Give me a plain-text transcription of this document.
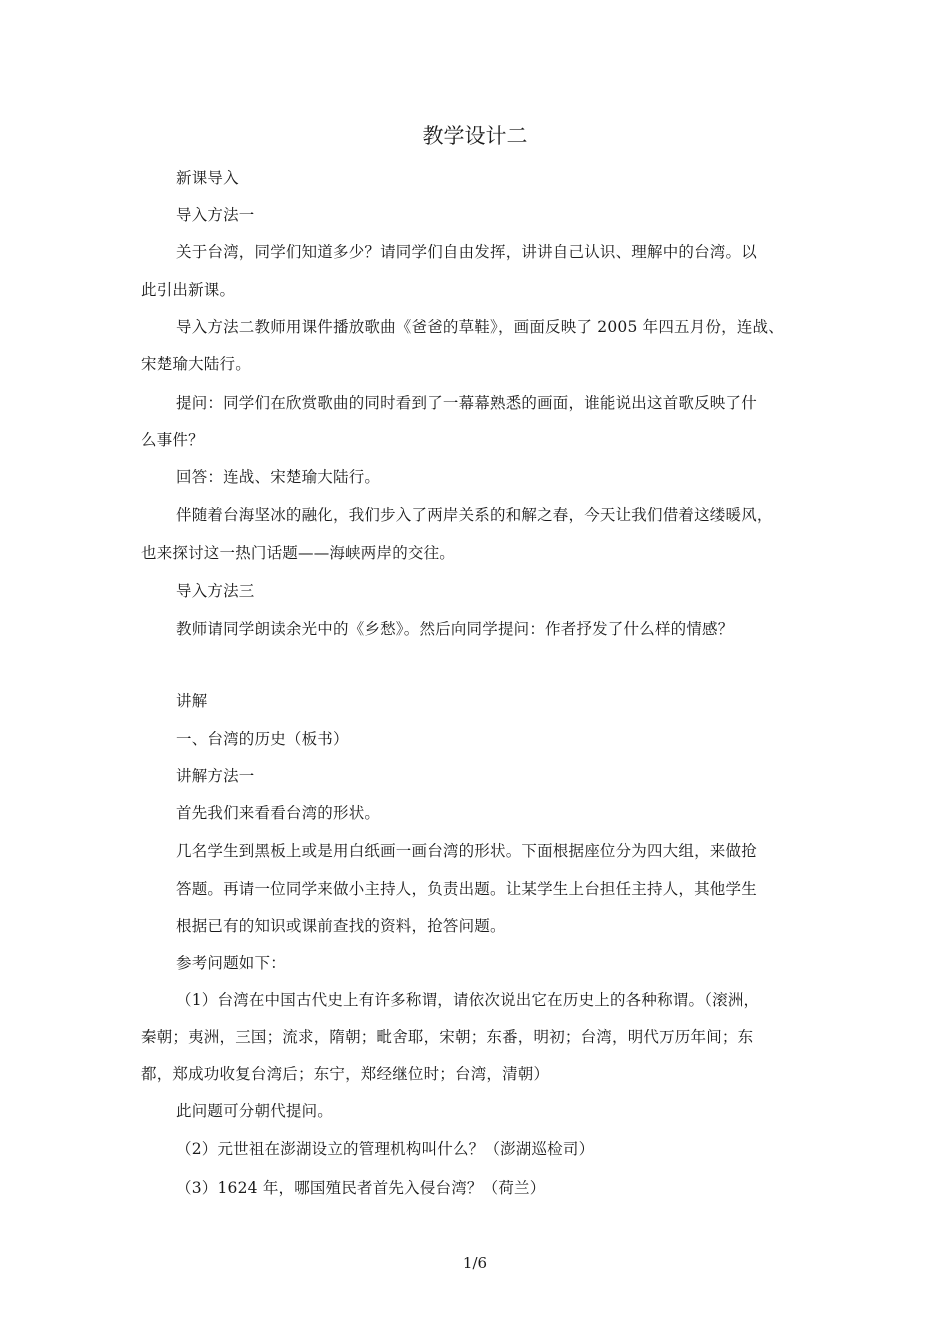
教学设计二
新课导入
导入方法一
关于台湾，同学们知道多少？请同学们自由发挥，讲讲自己认识、理解中的台湾。以
此引出新课。
导入方法二教师用课件播放歌曲《爸爸的草鞋》，画面反映了 2005 年四五月份，连战、
宋楚瑜大陆行。
提问：同学们在欣赏歌曲的同时看到了一幕幕熟悉的画面，谁能说出这首歌反映了什
么事件？
回答：连战、宋楚瑜大陆行。
伴随着台海坚冰的融化，我们步入了两岸关系的和解之春，今天让我们借着这缕暖风，
也来探讨这一热门话题——海峡两岸的交往。
导入方法三
教师请同学朗读余光中的《乡愁》。然后向同学提问：作者抒发了什么样的情感？
讲解
一、台湾的历史（板书）
讲解方法一
首先我们来看看台湾的形状。
几名学生到黑板上或是用白纸画一画台湾的形状。下面根据座位分为四大组，来做抢
答题。再请一位同学来做小主持人，负责出题。让某学生上台担任主持人，其他学生
根据已有的知识或课前查找的资料，抢答问题。
参考问题如下：
（1）台湾在中国古代史上有许多称谓，请依次说出它在历史上的各种称谓。（滚洲，
秦朝；夷洲，三国；流求，隋朝；毗舍耶，宋朝；东番，明初；台湾，明代万历年间；东
都，郑成功收复台湾后；东宁，郑经继位时；台湾，清朝）
此问题可分朝代提问。
（2）元世祖在澎湖设立的管理机构叫什么？（澎湖巡检司）
（3）1624 年，哪国殖民者首先入侵台湾？（荷兰）
1/6
